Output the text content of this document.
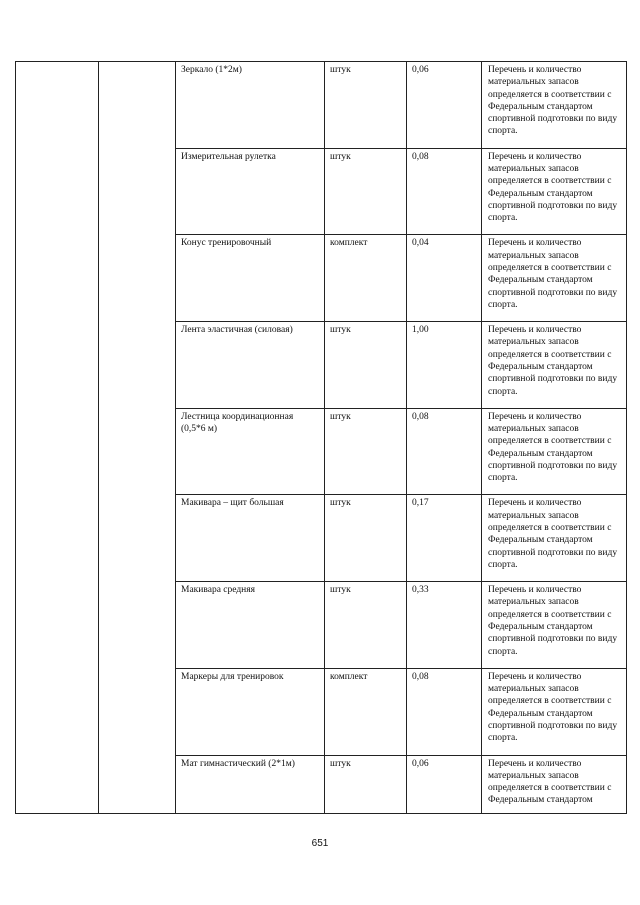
		Зеркало (1*2м)	штук	0,06	Перечень и количество материальных запасов определяется в соответствии с Федеральным стандартом спортивной подготовки по виду спорта.
		Измерительная рулетка	штук	0,08	Перечень и количество материальных запасов определяется в соответствии с Федеральным стандартом спортивной подготовки по виду спорта.
		Конус тренировочный	комплект	0,04	Перечень и количество материальных запасов определяется в соответствии с Федеральным стандартом спортивной подготовки по виду спорта.
		Лента эластичная (силовая)	штук	1,00	Перечень и количество материальных запасов определяется в соответствии с Федеральным стандартом спортивной подготовки по виду спорта.
		Лестница координационная (0,5*6 м)	штук	0,08	Перечень и количество материальных запасов определяется в соответствии с Федеральным стандартом спортивной подготовки по виду спорта.
		Макивара – щит большая	штук	0,17	Перечень и количество материальных запасов определяется в соответствии с Федеральным стандартом спортивной подготовки по виду спорта.
		Макивара средняя	штук	0,33	Перечень и количество материальных запасов определяется в соответствии с Федеральным стандартом спортивной подготовки по виду спорта.
		Маркеры для тренировок	комплект	0,08	Перечень и количество материальных запасов определяется в соответствии с Федеральным стандартом спортивной подготовки по виду спорта.
		Мат гимнастический (2*1м)	штук	0,06	Перечень и количество материальных запасов определяется в соответствии с Федеральным стандартом
651
